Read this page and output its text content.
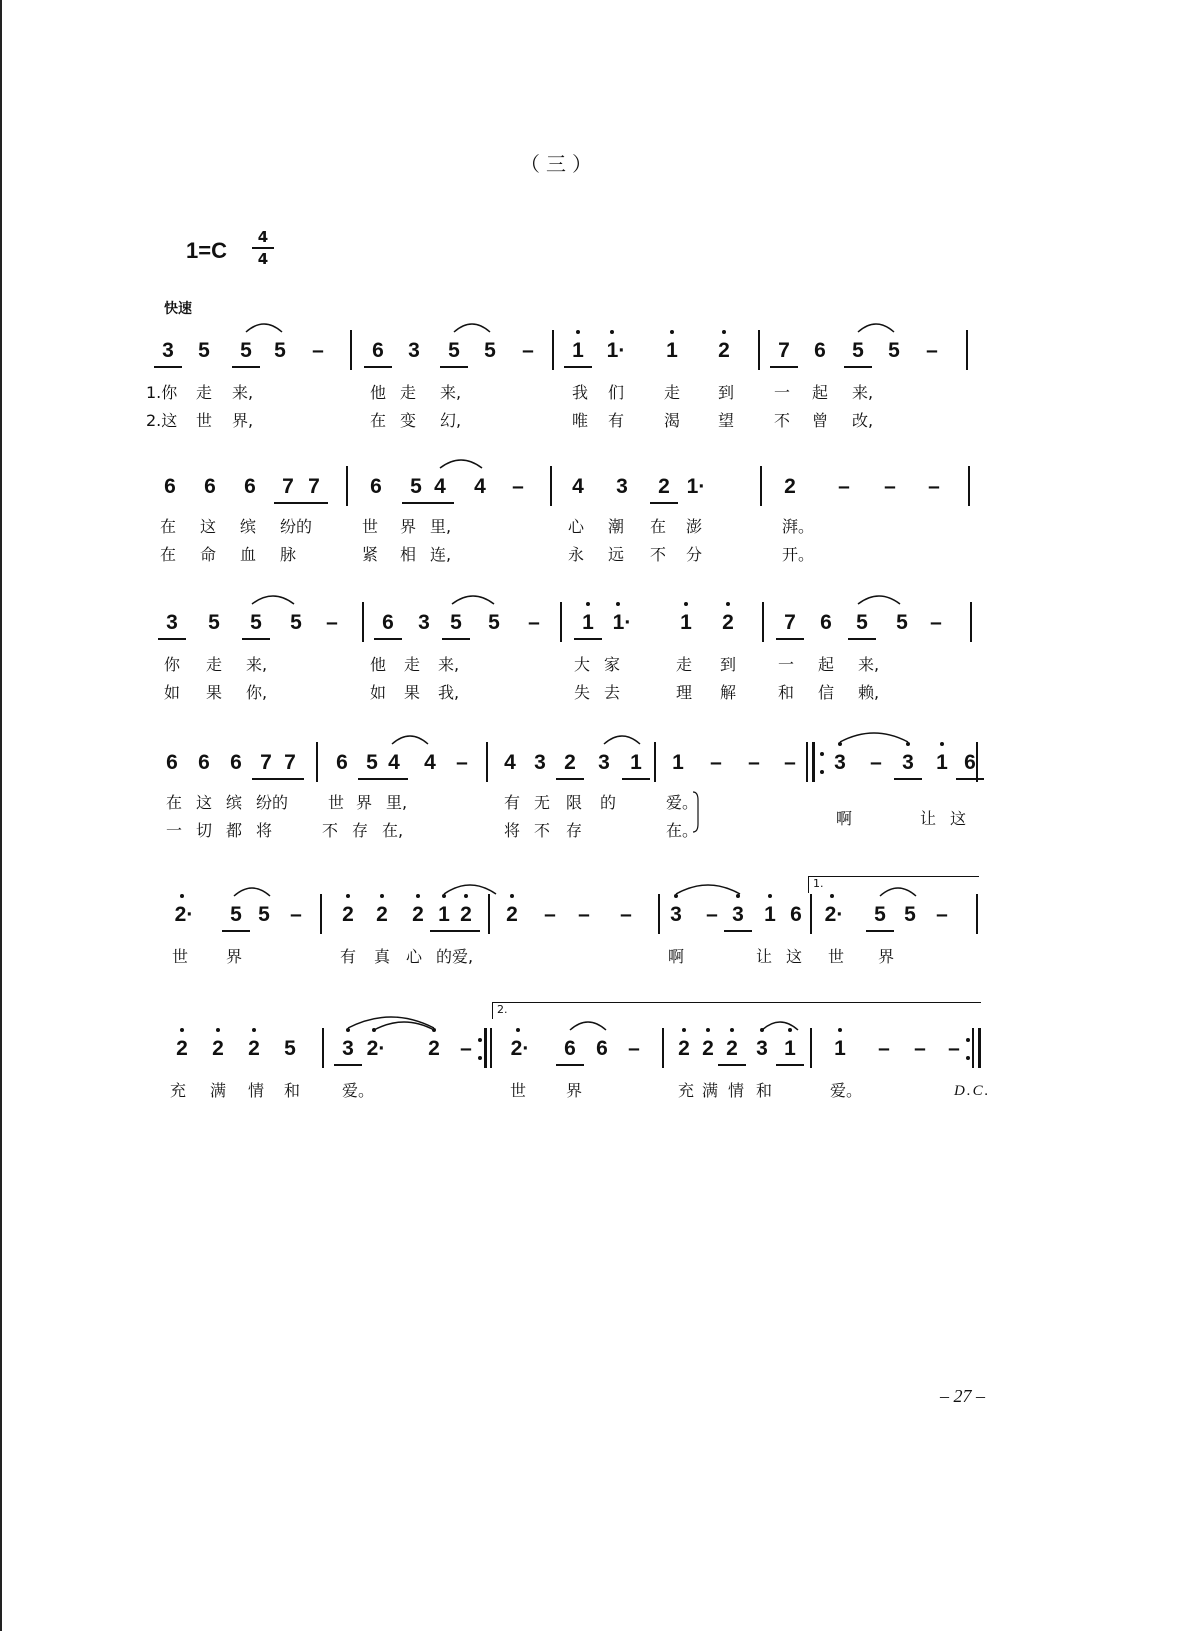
（三）
1=C
4
4
快速
3	5	5	5	–	6	3	5	5	–	1	1·	1	2	7	6	5	5	–
1.你 走 来,	他 走 来,	我 们 走 到 一 起 来,
2.这 世 界,	在 变 幻,	唯 有 渴 望 不 曾 改,
6	6	6	7 7	6	5 4	4	–	4	3	2 1·	2	–	–	–
在 这 缤 纷的	世 界 里,	心 潮 在 澎	湃。
在 命 血 脉	紧 相 连,	永 远 不 分	开。
3	5	5	5	–	6	3 5	5	–	1 1·	1	2	7	6	5	5	–
你 走 来,	他 走 来,	大 家	走 到	一 起 来,
如 果 你,	如 果 我,	失 去	理 解	和 信 赖,
6 6 6 7 7	6 5 4	4 –	4 3 2	3 1	1	–	–	–	3	– 3	1 6
在 这 缤 纷的 世 界 里,	有 无 限 的	爱。
啊	让 这
一 切 都 将	不 存 在,	将 不 存	在。
1.
2·	5 5 –	2	2	2 1 2	2	–	–	–	3	– 3 1 6	2·	5 5 –
世 界	有 真 心 的爱,	啊	让 这 世 界
2.
2	2	2	5	3 2·	2 –	2·	6 6 –	2 2 2 3 1	1	–	–	–
充 满 情 和	爱。	世 界	充 满 情 和	爱。	D.C.
– 27 –
